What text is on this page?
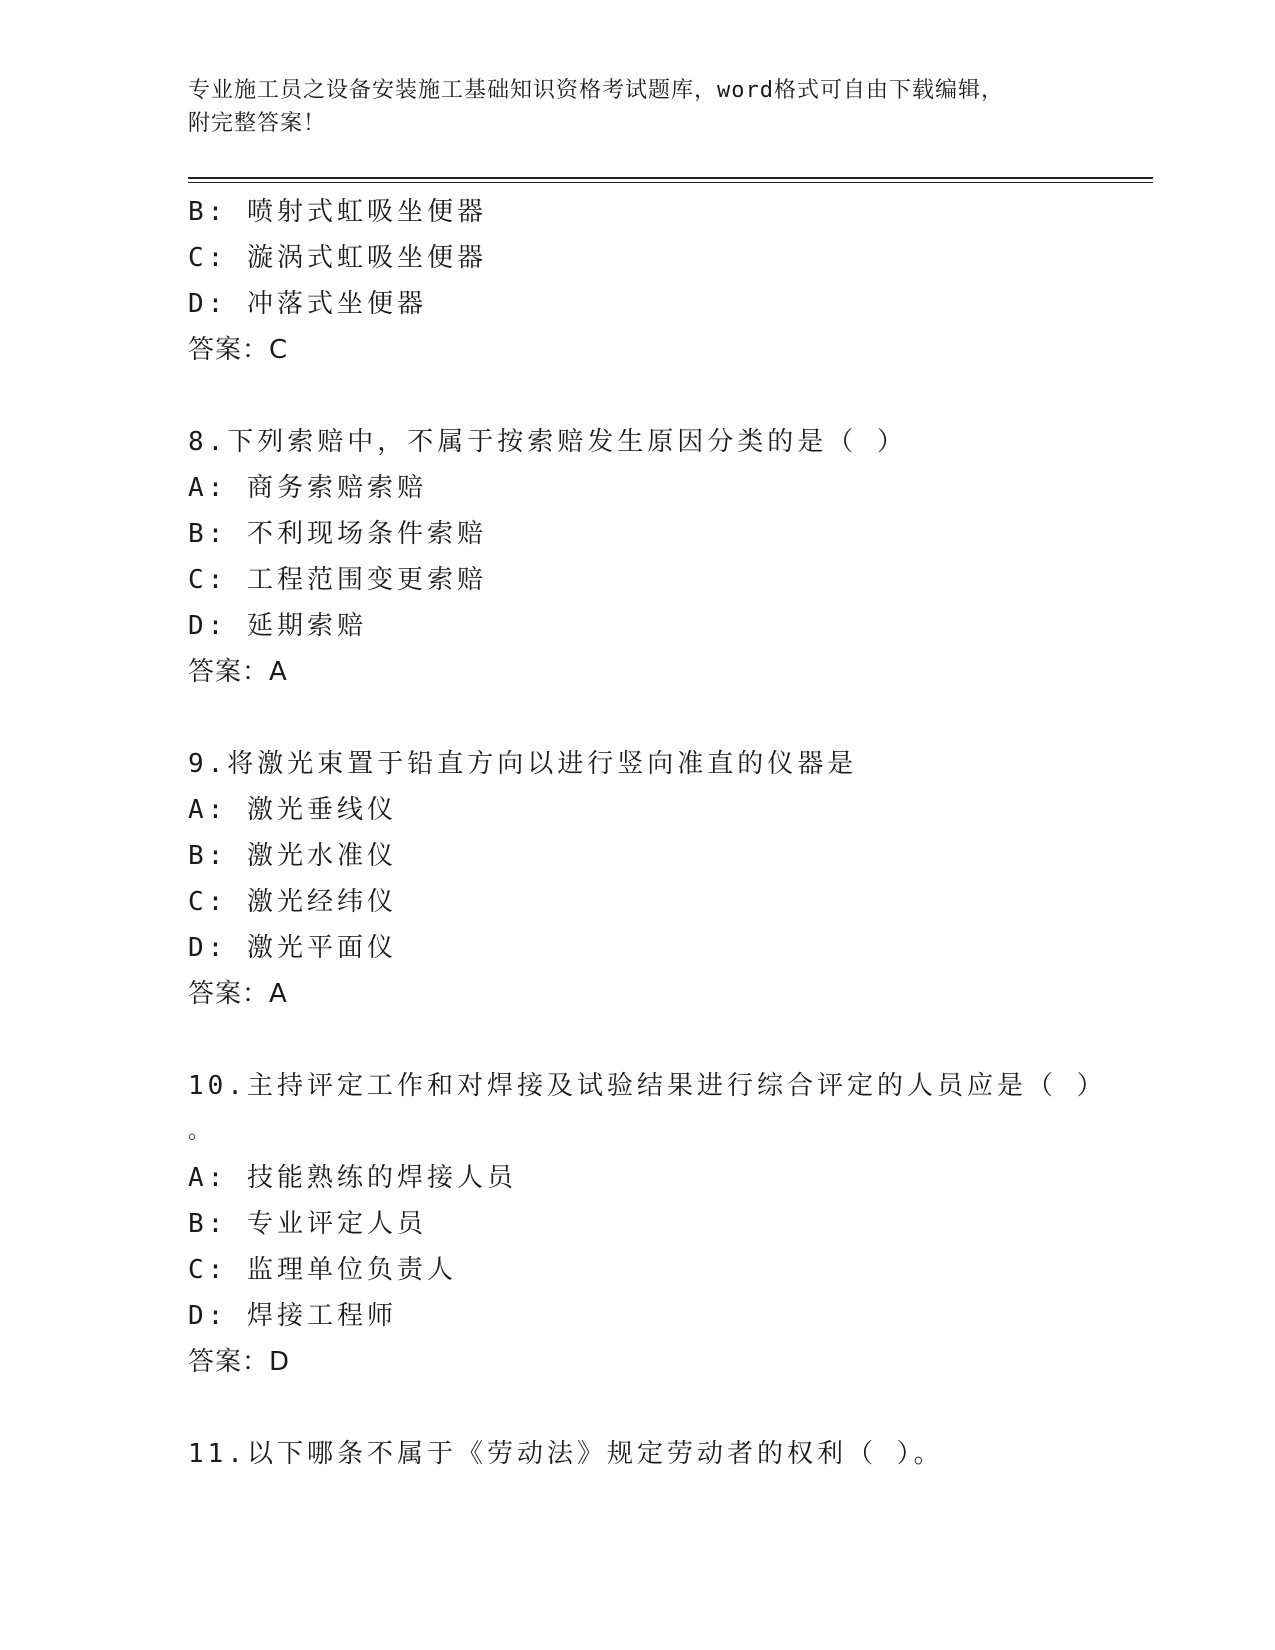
专业施工员之设备安装施工基础知识资格考试题库，word格式可自由下载编辑，
附完整答案！
B: 喷射式虹吸坐便器
C: 漩涡式虹吸坐便器
D: 冲落式坐便器
答案：C
8.下列索赔中，不属于按索赔发生原因分类的是（ ）
A: 商务索赔索赔
B: 不利现场条件索赔
C: 工程范围变更索赔
D: 延期索赔
答案：A
9.将激光束置于铅直方向以进行竖向准直的仪器是
A: 激光垂线仪
B: 激光水准仪
C: 激光经纬仪
D: 激光平面仪
答案：A
10.主持评定工作和对焊接及试验结果进行综合评定的人员应是（ ）
。
A: 技能熟练的焊接人员
B: 专业评定人员
C: 监理单位负责人
D: 焊接工程师
答案：D
11.以下哪条不属于《劳动法》规定劳动者的权利（ ）。
